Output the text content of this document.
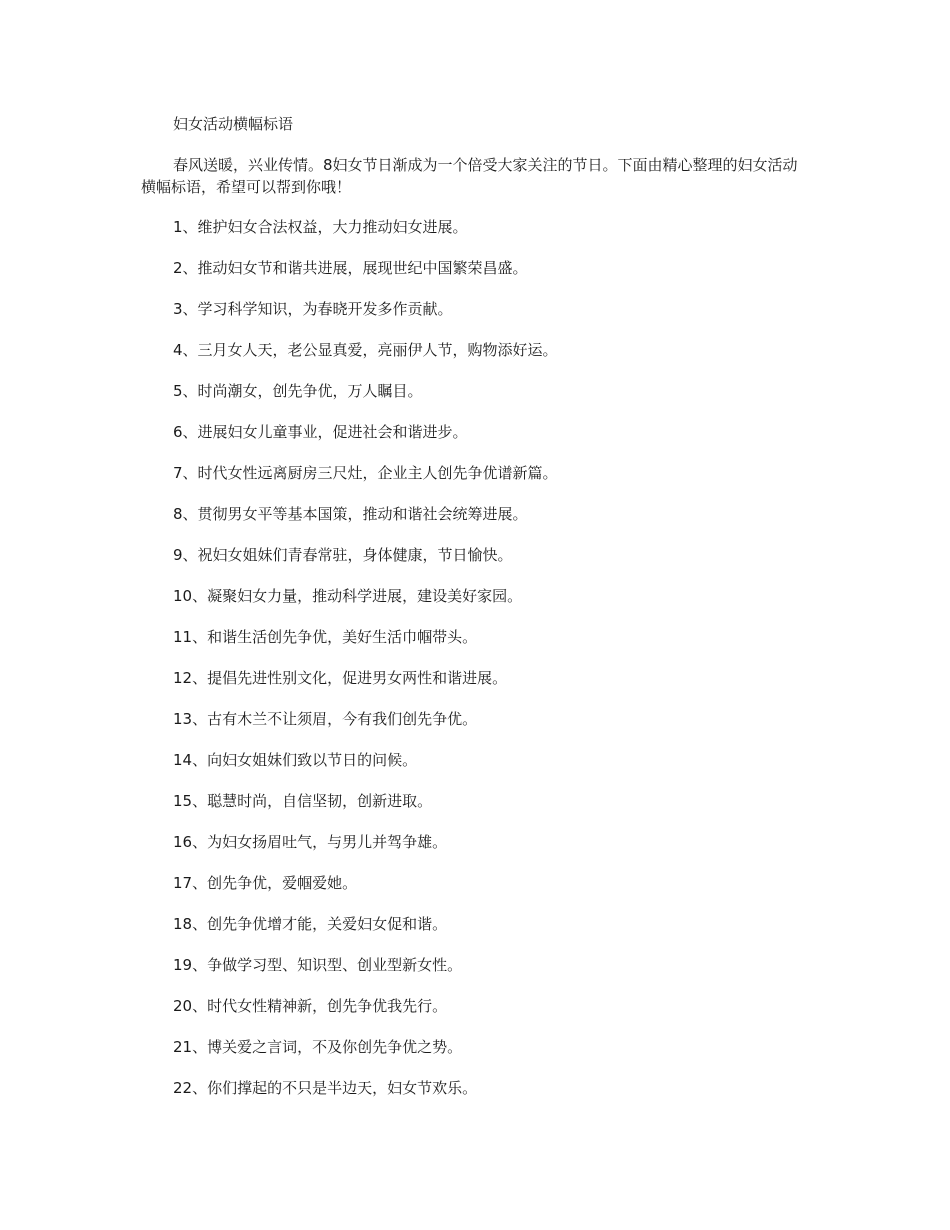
妇女活动横幅标语

春风送暖，兴业传情。8妇女节日渐成为一个倍受大家关注的节日。下面由精心整理的妇女活动横幅标语，希望可以帮到你哦！

1、维护妇女合法权益，大力推动妇女进展。
2、推动妇女节和谐共进展，展现世纪中国繁荣昌盛。
3、学习科学知识，为春晓开发多作贡献。
4、三月女人天，老公显真爱，亮丽伊人节，购物添好运。
5、时尚潮女，创先争优，万人瞩目。
6、进展妇女儿童事业，促进社会和谐进步。
7、时代女性远离厨房三尺灶，企业主人创先争优谱新篇。
8、贯彻男女平等基本国策，推动和谐社会统筹进展。
9、祝妇女姐妹们青春常驻，身体健康，节日愉快。
10、凝聚妇女力量，推动科学进展，建设美好家园。
11、和谐生活创先争优，美好生活巾帼带头。
12、提倡先进性别文化，促进男女两性和谐进展。
13、古有木兰不让须眉，今有我们创先争优。
14、向妇女姐妹们致以节日的问候。
15、聪慧时尚，自信坚韧，创新进取。
16、为妇女扬眉吐气，与男儿并驾争雄。
17、创先争优，爱帼爱她。
18、创先争优增才能，关爱妇女促和谐。
19、争做学习型、知识型、创业型新女性。
20、时代女性精神新，创先争优我先行。
21、博关爱之言词，不及你创先争优之势。
22、你们撑起的不只是半边天，妇女节欢乐。
